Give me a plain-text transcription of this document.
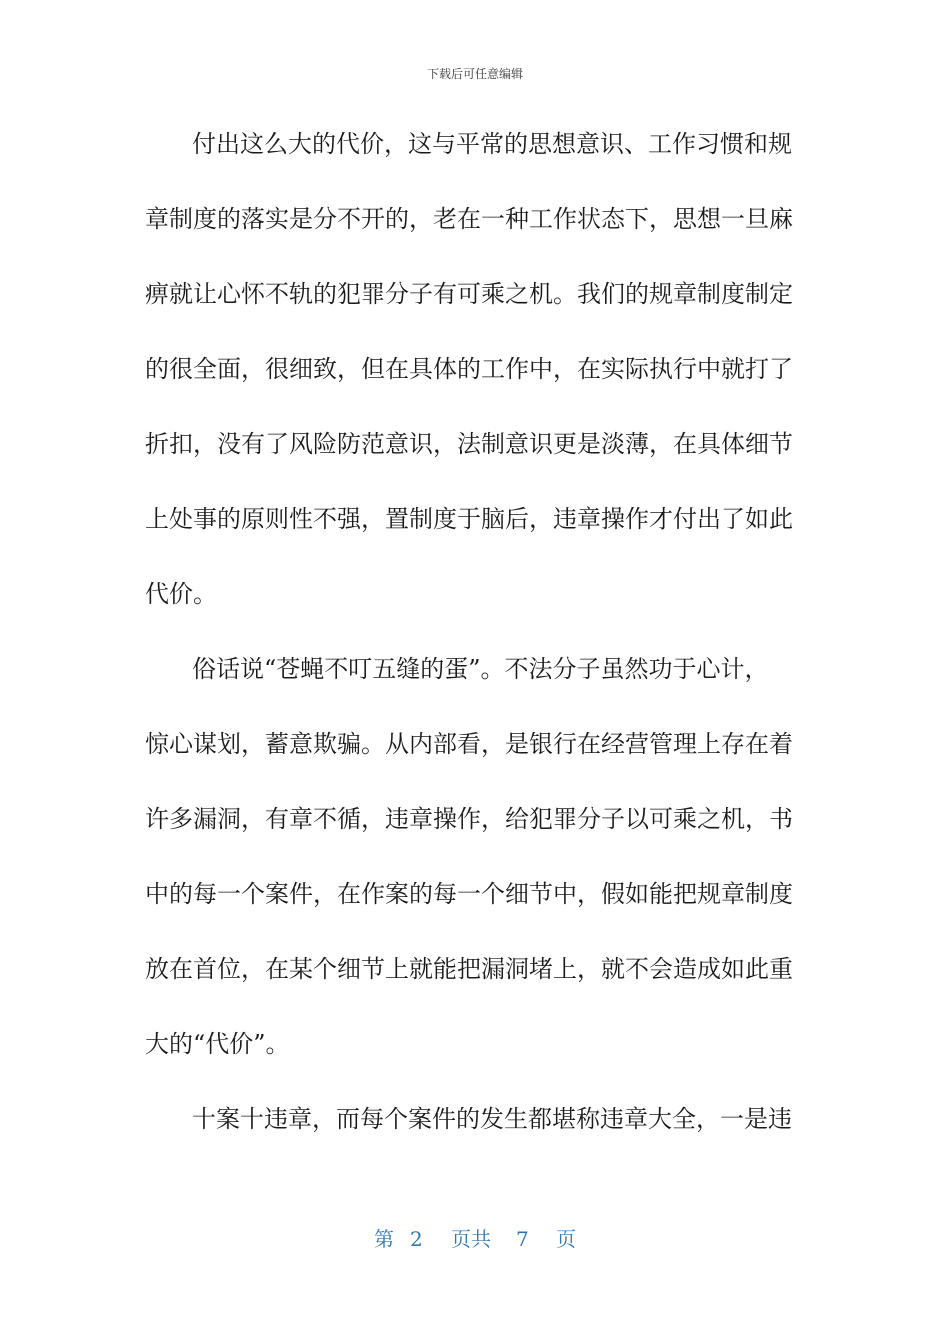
下载后可任意编辑
付出这么大的代价，这与平常的思想意识、工作习惯和规
章制度的落实是分不开的，老在一种工作状态下，思想一旦麻
痹就让心怀不轨的犯罪分子有可乘之机。我们的规章制度制定
的很全面，很细致，但在具体的工作中，在实际执行中就打了
折扣，没有了风险防范意识，法制意识更是淡薄，在具体细节
上处事的原则性不强，置制度于脑后，违章操作才付出了如此
代价。
俗话说“苍蝇不叮五缝的蛋”。不法分子虽然功于心计，
惊心谋划，蓄意欺骗。从内部看，是银行在经营管理上存在着
许多漏洞，有章不循，违章操作，给犯罪分子以可乘之机，书
中的每一个案件，在作案的每一个细节中，假如能把规章制度
放在首位，在某个细节上就能把漏洞堵上，就不会造成如此重
大的“代价”。
十案十违章，而每个案件的发生都堪称违章大全，一是违
第 2 页共 7 页
